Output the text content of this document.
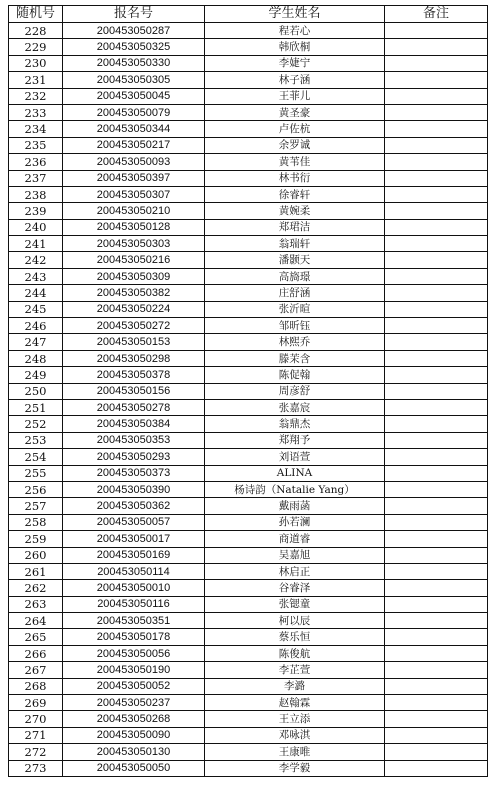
随机号	报名号	学生姓名	备注
228	200453050287	程若心	
229	200453050325	韩欣桐	
230	200453050330	李婕宁	
231	200453050305	林子涵	
232	200453050045	王菲儿	
233	200453050079	黄圣豪	
234	200453050344	卢佐杭	
235	200453050217	余罗诚	
236	200453050093	黄苇佳	
237	200453050397	林书衍	
238	200453050307	徐睿轩	
239	200453050210	黄婉柔	
240	200453050128	郑珺洁	
241	200453050303	翁瑞轩	
242	200453050216	潘颢天	
243	200453050309	高旖璟	
244	200453050382	庄舒涵	
245	200453050224	张沂暄	
246	200453050272	邹昕钰	
247	200453050153	林熙乔	
248	200453050298	滕茉含	
249	200453050378	陈促翰	
250	200453050156	周彦舒	
251	200453050278	张嘉宸	
252	200453050384	翁鼎杰	
253	200453050353	郑翔予	
254	200453050293	刘语萱	
255	200453050373	ALINA	
256	200453050390	杨诗韵（Natalie Yang）	
257	200453050362	戴雨菡	
258	200453050057	孙若澜	
259	200453050017	商道睿	
260	200453050169	吴嘉旭	
261	200453050114	林启正	
262	200453050010	谷睿泽	
263	200453050116	张锶童	
264	200453050351	柯以辰	
265	200453050178	蔡乐恒	
266	200453050056	陈俊航	
267	200453050190	李芷萱	
268	200453050052	李潞	
269	200453050237	赵翰霖	
270	200453050268	王立添	
271	200453050090	邓咏淇	
272	200453050130	王康唯	
273	200453050050	李学毅	
